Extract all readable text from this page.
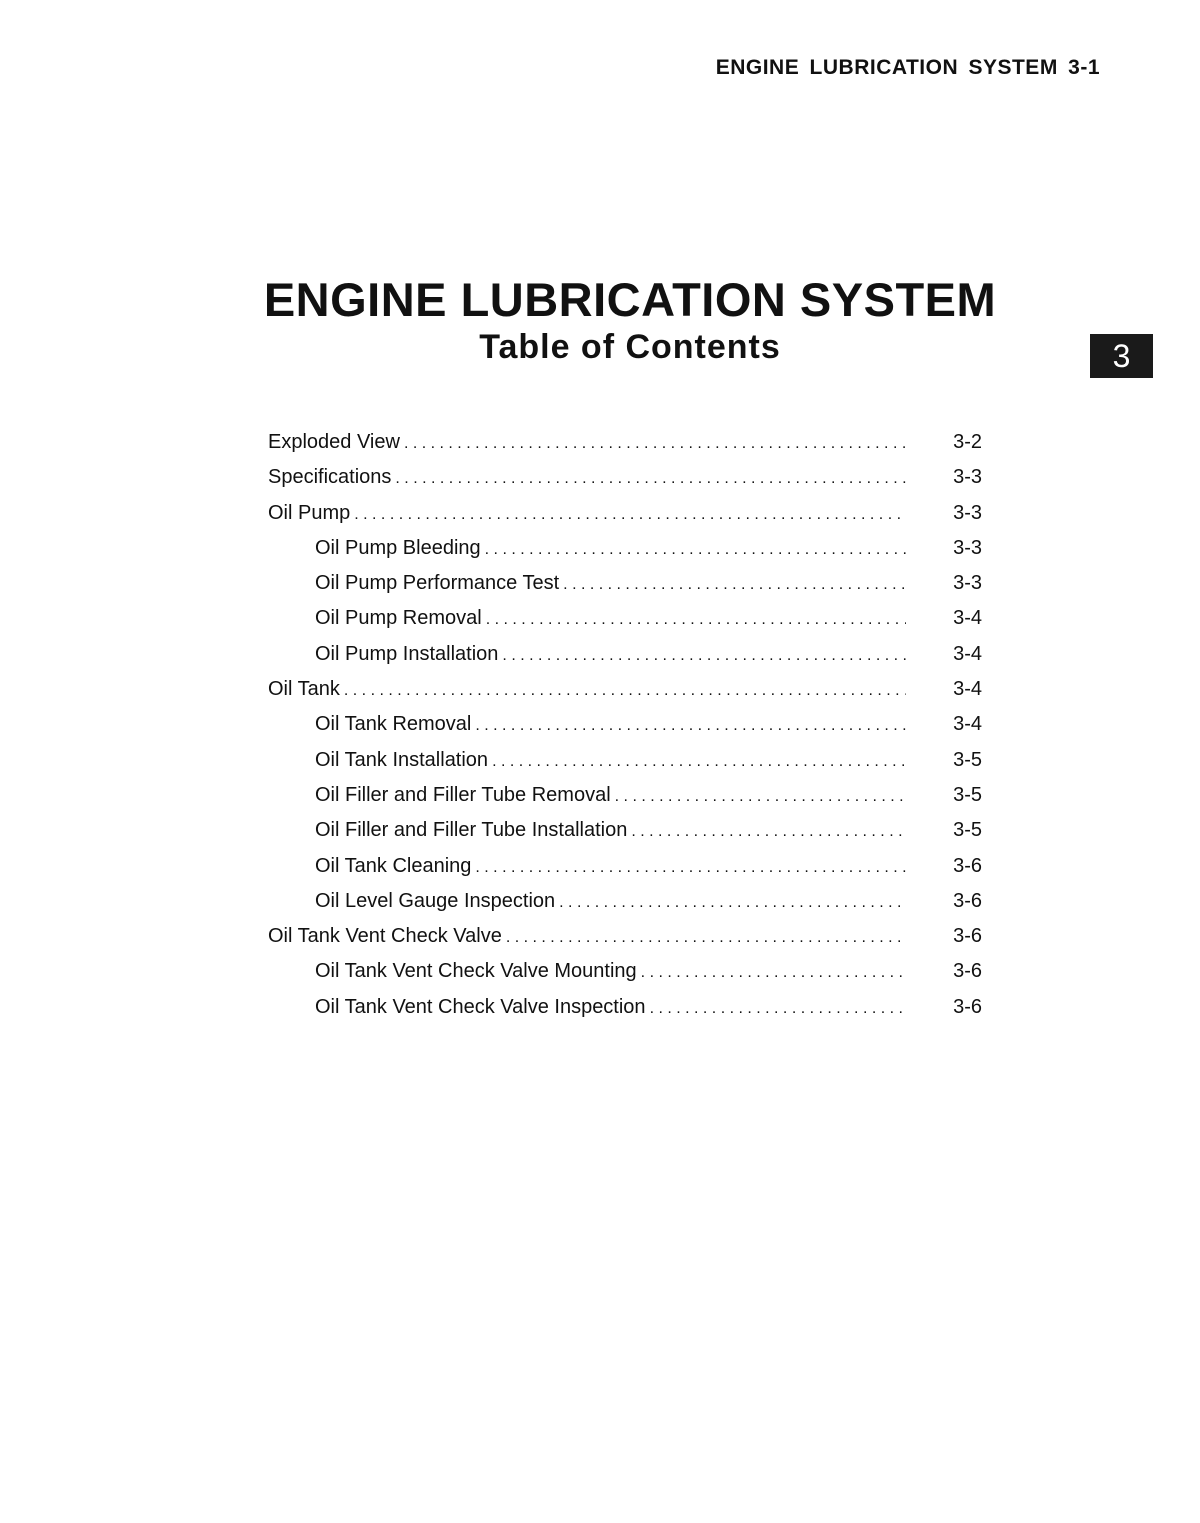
ENGINE LUBRICATION SYSTEM 3-1
ENGINE LUBRICATION SYSTEM
Table of Contents	3
Exploded View . . .	3-2
Specifications . . .	3-3
Oil Pump . . .	3-3
Oil Pump Bleeding . . .	3-3
Oil Pump Performance Test . . .	3-3
Oil Pump Removal . . .	3-4
Oil Pump Installation . . .	3-4
Oil Tank . . .	3-4
Oil Tank Removal . . .	3-4
Oil Tank Installation . . .	3-5
Oil Filler and Filler Tube Removal . . .	3-5
Oil Filler and Filler Tube Installation . . .	3-5
Oil Tank Cleaning . . .	3-6
Oil Level Gauge Inspection . . .	3-6
Oil Tank Vent Check Valve . . .	3-6
Oil Tank Vent Check Valve Mounting . . .	3-6
Oil Tank Vent Check Valve Inspection . . .	3-6
